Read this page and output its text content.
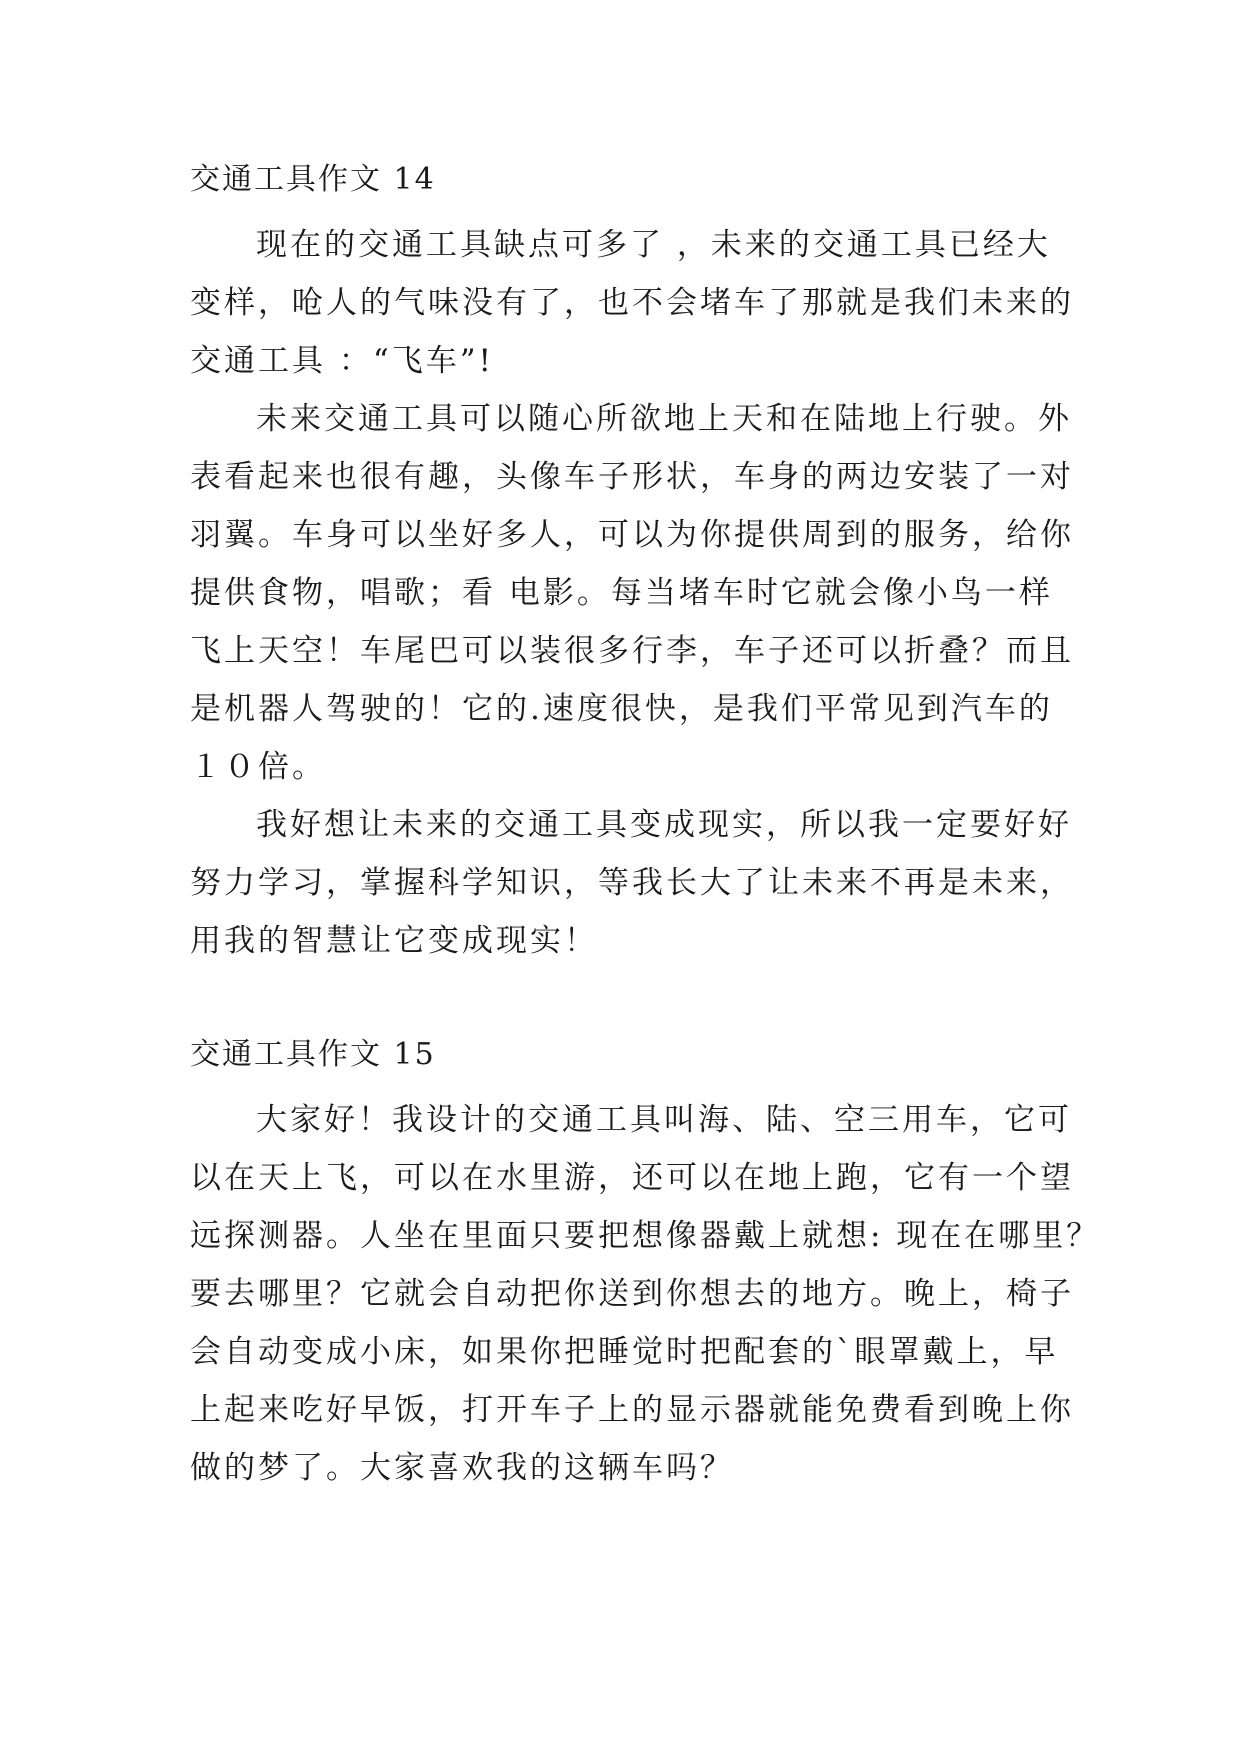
交通工具作文 14

现在的交通工具缺点可多了 ，未来的交通工具已经大
变样，呛人的气味没有了，也不会堵车了那就是我们未来的
交通工具 ：“飞车”!

未来交通工具可以随心所欲地上天和在陆地上行驶。外
表看起来也很有趣，头像车子形状，车身的两边安装了一对
羽翼。车身可以坐好多人，可以为你提供周到的服务，给你
提供食物，唱歌；看 电影。每当堵车时它就会像小鸟一样
飞上天空！车尾巴可以装很多行李，车子还可以折叠？而且
是机器人驾驶的！它的.速度很快，是我们平常见到汽车的
１０倍。

我好想让未来的交通工具变成现实，所以我一定要好好
努力学习，掌握科学知识，等我长大了让未来不再是未来，
用我的智慧让它变成现实！

交通工具作文 15

大家好！我设计的交通工具叫海、陆、空三用车，它可
以在天上飞，可以在水里游，还可以在地上跑，它有一个望
远探测器。人坐在里面只要把想像器戴上就想: 现在在哪里？
要去哪里？它就会自动把你送到你想去的地方。晚上，椅子
会自动变成小床，如果你把睡觉时把配套的`眼罩戴上，早
上起来吃好早饭，打开车子上的显示器就能免费看到晚上你
做的梦了。大家喜欢我的这辆车吗？
